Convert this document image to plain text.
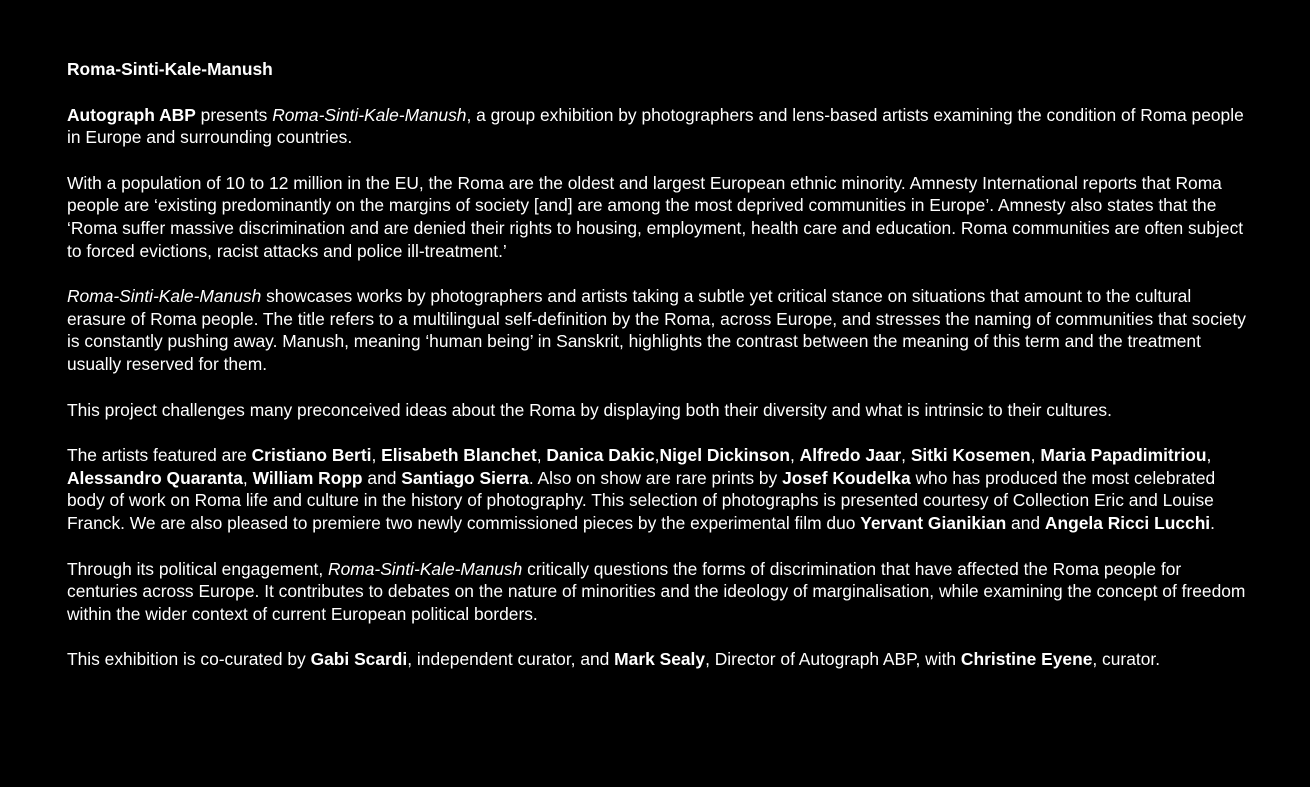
Roma-Sinti-Kale-Manush

Autograph ABP presents Roma-Sinti-Kale-Manush, a group exhibition by photographers and lens-based artists examining the condition of Roma people in Europe and surrounding countries.

With a population of 10 to 12 million in the EU, the Roma are the oldest and largest European ethnic minority. Amnesty International reports that Roma people are ‘existing predominantly on the margins of society [and] are among the most deprived communities in Europe’. Amnesty also states that the ‘Roma suffer massive discrimination and are denied their rights to housing, employment, health care and education. Roma communities are often subject to forced evictions, racist attacks and police ill-treatment.’

Roma-Sinti-Kale-Manush showcases works by photographers and artists taking a subtle yet critical stance on situations that amount to the cultural erasure of Roma people. The title refers to a multilingual self-definition by the Roma, across Europe, and stresses the naming of communities that society is constantly pushing away. Manush, meaning ‘human being’ in Sanskrit, highlights the contrast between the meaning of this term and the treatment usually reserved for them.

This project challenges many preconceived ideas about the Roma by displaying both their diversity and what is intrinsic to their cultures.

The artists featured are Cristiano Berti, Elisabeth Blanchet, Danica Dakic,Nigel Dickinson, Alfredo Jaar, Sitki Kosemen, Maria Papadimitriou, Alessandro Quaranta, William Ropp and Santiago Sierra. Also on show are rare prints by Josef Koudelka who has produced the most celebrated body of work on Roma life and culture in the history of photography. This selection of photographs is presented courtesy of Collection Eric and Louise Franck. We are also pleased to premiere two newly commissioned pieces by the experimental film duo Yervant Gianikian and Angela Ricci Lucchi.

Through its political engagement, Roma-Sinti-Kale-Manush critically questions the forms of discrimination that have affected the Roma people for centuries across Europe. It contributes to debates on the nature of minorities and the ideology of marginalisation, while examining the concept of freedom within the wider context of current European political borders.

This exhibition is co-curated by Gabi Scardi, independent curator, and Mark Sealy, Director of Autograph ABP, with Christine Eyene, curator.
